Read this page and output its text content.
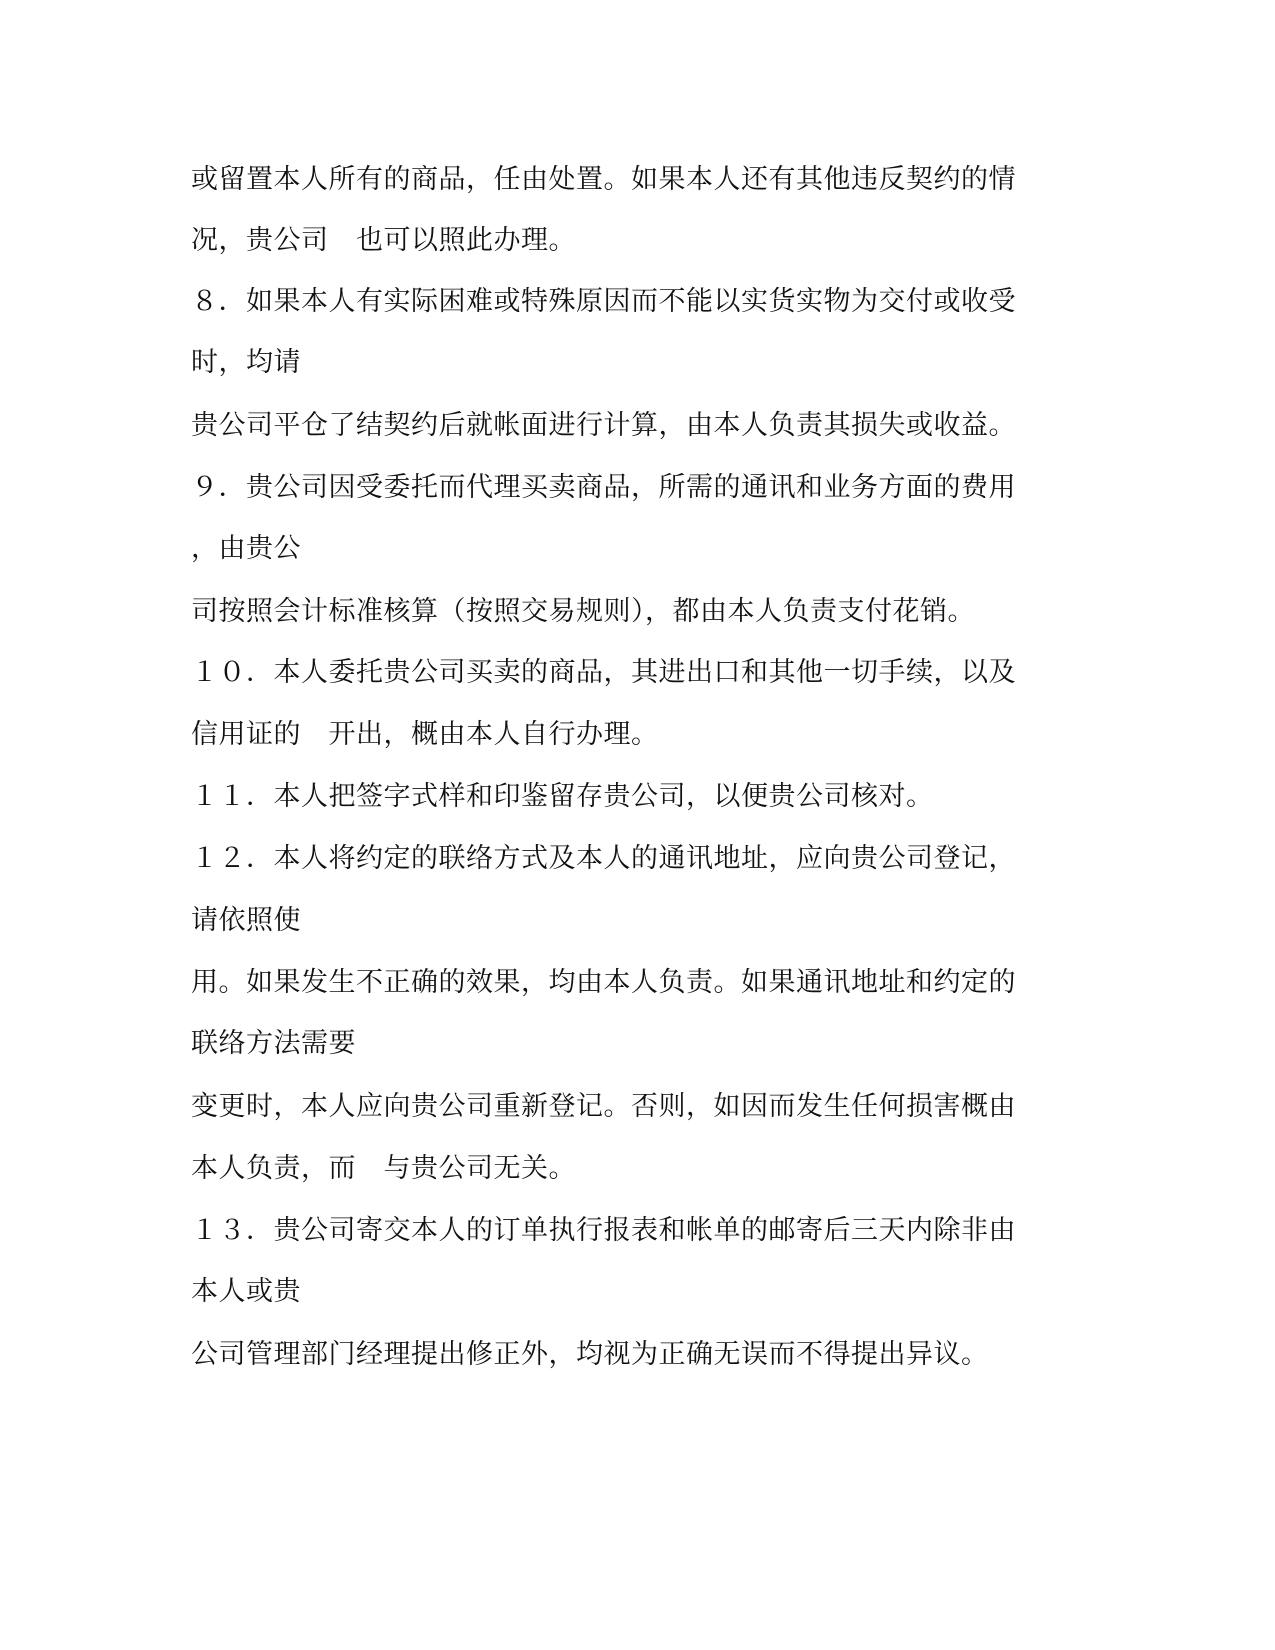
或留置本人所有的商品，任由处置。如果本人还有其他违反契约的情
况，贵公司　也可以照此办理。
８．如果本人有实际困难或特殊原因而不能以实货实物为交付或收受
时，均请
贵公司平仓了结契约后就帐面进行计算，由本人负责其损失或收益。
９．贵公司因受委托而代理买卖商品，所需的通讯和业务方面的费用
，由贵公
司按照会计标准核算（按照交易规则），都由本人负责支付花销。
１０．本人委托贵公司买卖的商品，其进出口和其他一切手续，以及
信用证的　开出，概由本人自行办理。
１１．本人把签字式样和印鉴留存贵公司，以便贵公司核对。
１２．本人将约定的联络方式及本人的通讯地址，应向贵公司登记，
请依照使
用。如果发生不正确的效果，均由本人负责。如果通讯地址和约定的
联络方法需要
变更时，本人应向贵公司重新登记。否则，如因而发生任何损害概由
本人负责，而　与贵公司无关。
１３．贵公司寄交本人的订单执行报表和帐单的邮寄后三天内除非由
本人或贵
公司管理部门经理提出修正外，均视为正确无误而不得提出异议。
